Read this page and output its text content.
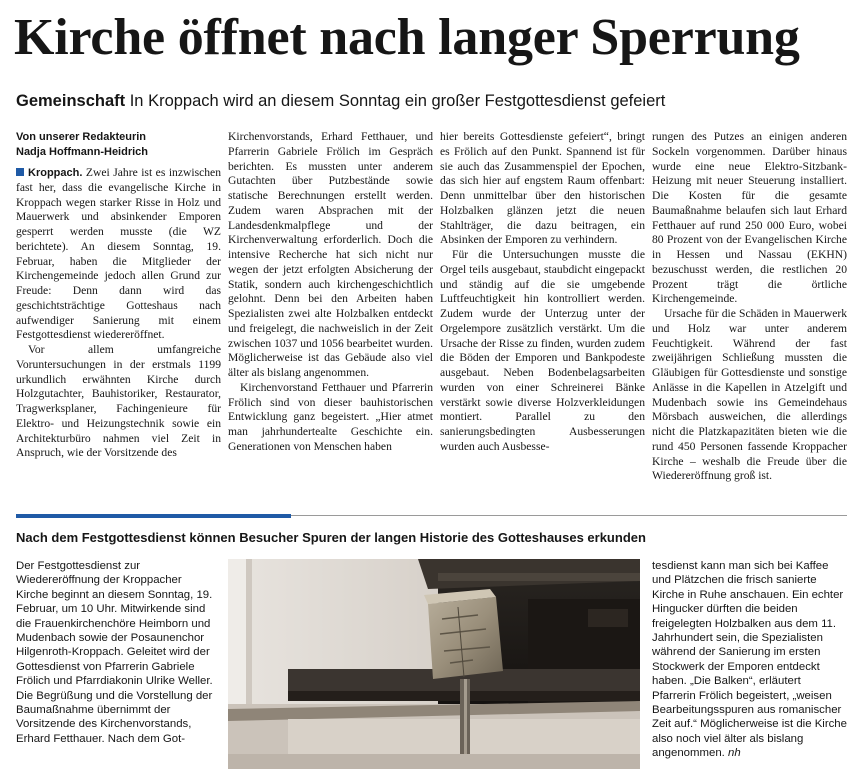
Kirche öffnet nach langer Sperrung
Gemeinschaft In Kroppach wird an diesem Sonntag ein großer Festgottesdienst gefeiert
Von unserer Redakteurin
Nadja Hoffmann-Heidrich

Kroppach. Zwei Jahre ist es inzwischen fast her, dass die evangelische Kirche in Kroppach wegen starker Risse in Holz und Mauerwerk und absinkender Emporen gesperrt werden musste (die WZ berichtete). An diesem Sonntag, 19. Februar, haben die Mitglieder der Kirchengemeinde jedoch allen Grund zur Freude: Denn dann wird das geschichtsträchtige Gotteshaus nach aufwendiger Sanierung mit einem Festgottesdienst wiedereröffnet.

Vor allem umfangreiche Voruntersuchungen in der erstmals 1199 urkundlich erwähnten Kirche durch Holzgutachter, Bauhistoriker, Restaurator, Tragwerksplaner, Fachingenieure für Elektro- und Heizungstechnik sowie ein Architekturbüro nahmen viel Zeit in Anspruch, wie der Vorsitzende des

Kirchenvorstands, Erhard Fetthauer, und Pfarrerin Gabriele Frölich im Gespräch berichten. Es mussten unter anderem Gutachten über Putzbestände sowie statische Berechnungen erstellt werden. Zudem waren Absprachen mit der Landesdenkmalpflege und der Kirchenverwaltung erforderlich. Doch die intensive Recherche hat sich nicht nur wegen der jetzt erfolgten Absicherung der Statik, sondern auch kirchengeschichtlich gelohnt. Denn bei den Arbeiten haben Spezialisten zwei alte Holzbalken entdeckt und freigelegt, die nachweislich in der Zeit zwischen 1037 und 1056 bearbeitet wurden. Möglicherweise ist das Gebäude also viel älter als bislang angenommen.

Kirchenvorstand Fetthauer und Pfarrerin Frölich sind von dieser bauhistorischen Entwicklung ganz begeistert. „Hier atmet man jahrhundertealte Geschichte ein. Generationen von Menschen haben

hier bereits Gottesdienste gefeiert“, bringt es Frölich auf den Punkt. Spannend ist für sie auch das Zusammenspiel der Epochen, das sich hier auf engstem Raum offenbart: Denn unmittelbar über den historischen Holzbalken glänzen jetzt die neuen Stahlträger, die dazu beitragen, ein Absinken der Emporen zu verhindern.

Für die Untersuchungen musste die Orgel teils ausgebaut, staubdicht eingepackt und ständig auf die sie umgebende Luftfeuchtigkeit hin kontrolliert werden. Zudem wurde der Unterzug unter der Orgelempore zusätzlich verstärkt. Um die Ursache der Risse zu finden, wurden zudem die Böden der Emporen und Bankpodeste ausgebaut. Neben Bodenbelagsarbeiten wurden von einer Schreinerei Bänke verstärkt sowie diverse Holzverkleidungen montiert. Parallel zu den sanierungsbedingten Ausbesserungen wurden auch Ausbesse-

rungen des Putzes an einigen anderen Sockeln vorgenommen. Darüber hinaus wurde eine neue Elektro-Sitzbank-Heizung mit neuer Steuerung installiert. Die Kosten für die gesamte Baumaßnahme belaufen sich laut Erhard Fetthauer auf rund 250 000 Euro, wobei 80 Prozent von der Evangelischen Kirche in Hessen und Nassau (EKHN) bezuschusst werden, die restlichen 20 Prozent trägt die örtliche Kirchengemeinde.

Ursache für die Schäden in Mauerwerk und Holz war unter anderem Feuchtigkeit. Während der fast zweijährigen Schließung mussten die Gläubigen für Gottesdienste und sonstige Anlässe in die Kapellen in Atzelgift und Mudenbach sowie ins Gemeindehaus Mörsbach ausweichen, die allerdings nicht die Platzkapazitäten bieten wie die rund 450 Personen fassende Kroppacher Kirche – weshalb die Freude über die Wiedereröffnung groß ist.

Nach dem Festgottesdienst können Besucher Spuren der langen Historie des Gotteshauses erkunden

Der Festgottesdienst zur Wiedereröffnung der Kroppacher Kirche beginnt an diesem Sonntag, 19. Februar, um 10 Uhr. Mitwirkende sind die Frauenkirchenchöre Heimborn und Mudenbach sowie der Posaunenchor Hilgenroth-Kroppach. Geleitet wird der Gottesdienst von Pfarrerin Gabriele Frölich und Pfarrdiakonin Ulrike Weller. Die Begrüßung und die Vorstellung der Baumaßnahme übernimmt der Vorsitzende des Kirchenvorstands, Erhard Fetthauer. Nach dem Got-

tesdienst kann man sich bei Kaffee und Plätzchen die frisch sanierte Kirche in Ruhe anschauen. Ein echter Hingucker dürften die beiden freigelegten Holzbalken aus dem 11. Jahrhundert sein, die Spezialisten während der Sanierung im ersten Stockwerk der Emporen entdeckt haben. „Die Balken“, erläutert Pfarrerin Frölich begeistert, „weisen Bearbeitungsspuren aus romanischer Zeit auf.“ Möglicherweise ist die Kirche also noch viel älter als bislang angenommen. nh
